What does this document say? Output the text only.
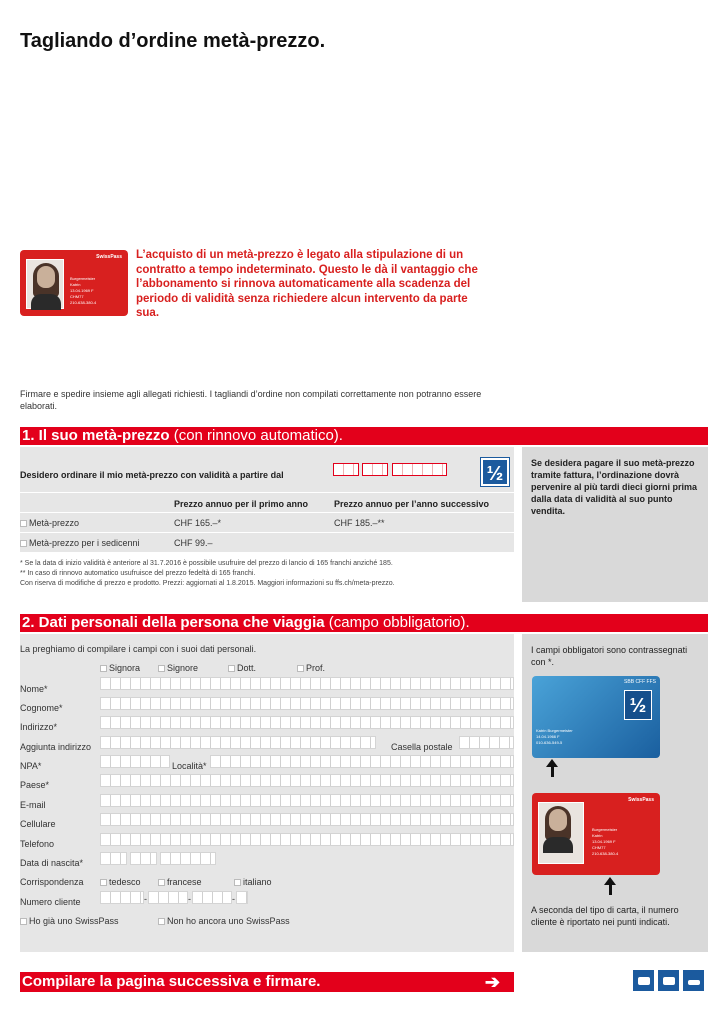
Tagliando d’ordine metà-prezzo.
SwissPass
Burgermeister
Katrin
13.04.1969 F
CHM77
210-638-380-4
L’acquisto di un metà-prezzo è legato alla stipulazione di un contratto a tempo indeterminato. Questo le dà il vantaggio che l’abbonamento si rinnova automaticamente alla scadenza del periodo di validità senza richiedere alcun intervento da parte sua.
Firmare e spedire insieme agli allegati richiesti. I tagliandi d’ordine non compilati correttamente non potranno essere elaborati.
1. Il suo metà-prezzo (con rinnovo automatico).
Desidero ordinare il mio metà-prezzo con validità a partire dal	½
Prezzo annuo per il primo anno	Prezzo annuo per l’anno successivo
Metà-prezzo	CHF 165.–*	CHF 185.–**
Metà-prezzo per i sedicenni	CHF 99.–
Se desidera pagare il suo metà-prezzo tramite fattura, l’ordinazione dovrà pervenire al più tardi dieci giorni prima dalla data di validità al suo punto vendita.
* Se la data di inizio validità è anteriore al 31.7.2016 è possibile usufruire del prezzo di lancio di 165 franchi anziché 185.
** In caso di rinnovo automatico usufruisce del prezzo fedeltà di 165 franchi.
Con riserva di modifiche di prezzo e prodotto. Prezzi: aggiornati al 1.8.2015. Maggiori informazioni su ffs.ch/meta-prezzo.
2. Dati personali della persona che viaggia (campo obbligatorio).
La preghiamo di compilare i campi con i suoi dati personali.
Signora	Signore	Dott.	Prof.
Nome*
Cognome*
Indirizzo*
Aggiunta indirizzo	Casella postale
NPA*	Località*
Paese*
E-mail
Cellulare
Telefono
Data di nascita*
Corrispondenza	tedesco	francese	italiano
Numero cliente	-	-	-
Ho già uno SwissPass	Non ho ancora uno SwissPass
I campi obbligatori sono contrassegnati con *.
SBB CFF FFS
½
Katrin Burgermeister
14.04.1966 F
010-636-549-5
SwissPass
Burgermeister
Katrin
13.04.1969 F
CHM77
210-638-380-4
A seconda del tipo di carta, il numero cliente è riportato nei punti indicati.
Compilare la pagina successiva e firmare.	➔
